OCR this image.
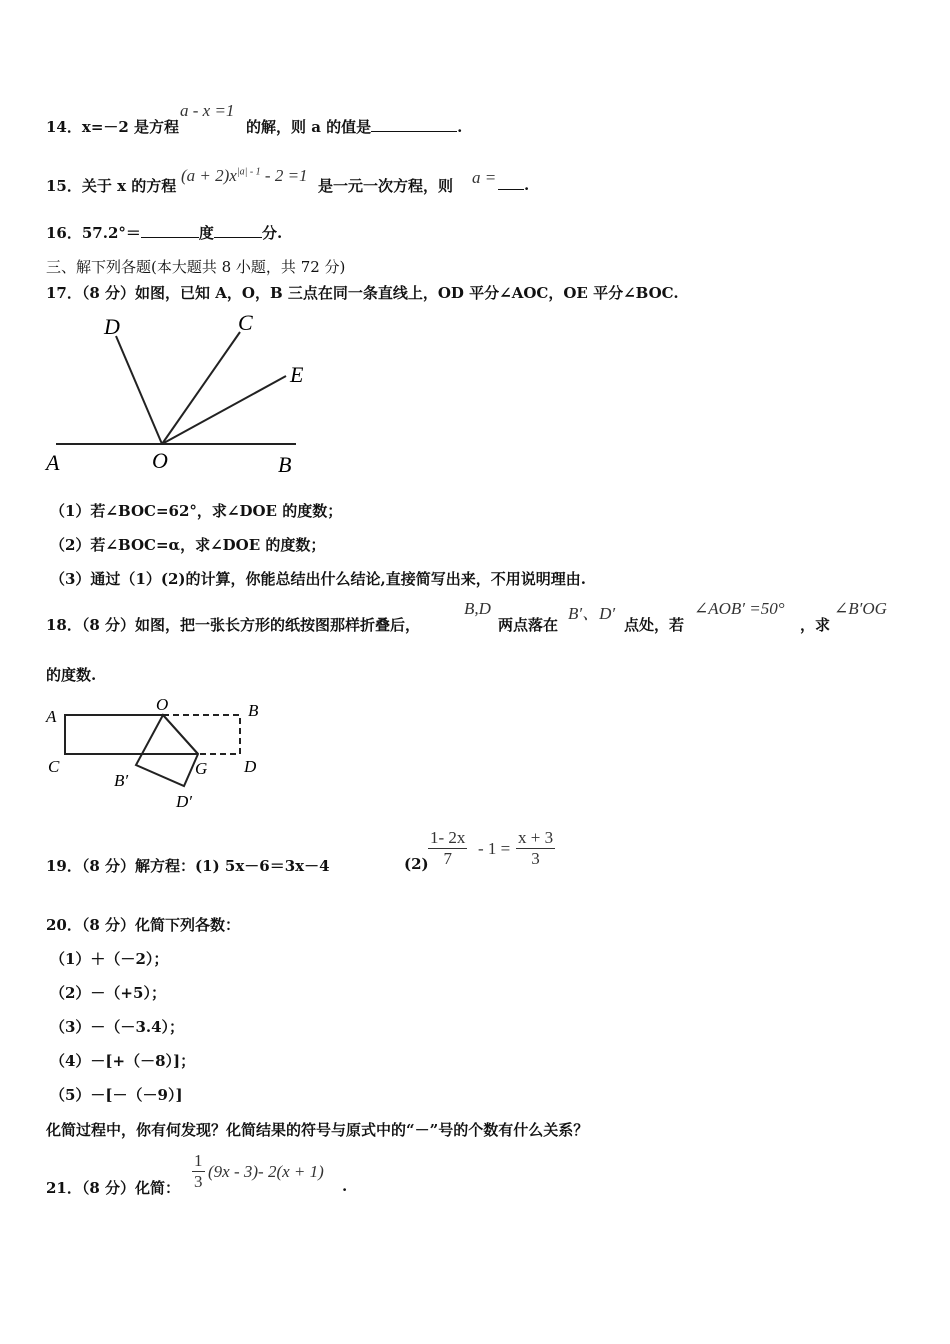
14．x=－2 是方程
a - x =1
的解，则 a 的值是	.
15．关于 x 的方程
$(a + 2)x^{|a| - 1} - 2 =1$
是一元一次方程，则 a =	.
16．57.2°＝	度	分.
三、解下列各题(本大题共 8 小题，共 72 分)
17．（8 分）如图，已知 A，O，B 三点在同一条直线上，OD 平分∠AOC，OE 平分∠BOC.
D	C
E
A	O	B
（1）若∠BOC=62°，求∠DOE 的度数；
（2）若∠BOC=α，求∠DOE 的度数；
（3）通过（1）(2)的计算，你能总结出什么结论,直接简写出来，不用说明理由.
18．（8 分）如图，把一张长方形的纸按图那样折叠后，
B,D
两点落在
B′、D′
点处，若
∠AOB′ =50°
，求
∠B′OG
的度数.
A
O	B
C	G D
B′
D′
19．（8 分）解方程：(1) 5x－6＝3x－4	$(2) \frac{1- 2x}{7} - 1 = \frac{x + 3}{3}$
20．（8 分）化简下列各数：
（1）＋（－2）；
（2）－（+5）；
（3）－（－3.4）；
（4）－[+（－8）]；
（5）－[－（－9）]
化简过程中，你有何发现？化简结果的符号与原式中的“－”号的个数有什么关系？
21．（8 分）化简： $\frac{1}{3} (9x - 3)-$ 2(x + 1)
.
